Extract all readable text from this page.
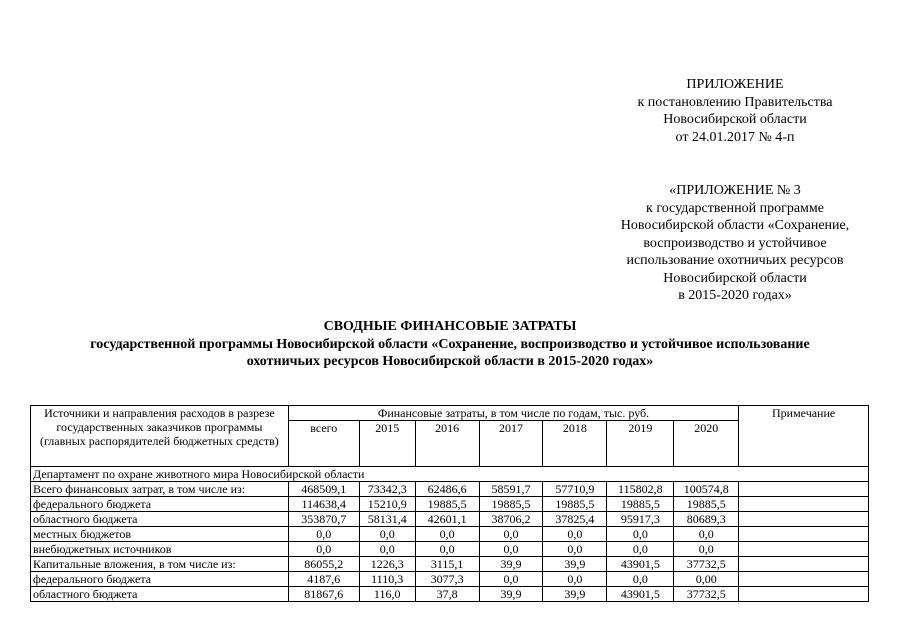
ПРИЛОЖЕНИЕ
к постановлению Правительства
Новосибирской области
от 24.01.2017 № 4-п
«ПРИЛОЖЕНИЕ № 3
к государственной программе
Новосибирской области «Сохранение,
воспроизводство и устойчивое
использование охотничьих ресурсов
Новосибирской области
в 2015-2020 годах»
СВОДНЫЕ ФИНАНСОВЫЕ ЗАТРАТЫ
государственной программы Новосибирской области «Сохранение, воспроизводство и устойчивое использование
охотничьих ресурсов Новосибирской области в 2015-2020 годах»
Источники и направления расходов в разрезе государственных заказчиков программы (главных распорядителей бюджетных средств)	Финансовые затраты, в том числе по годам, тыс. руб.							Примечание
	всего	2015	2016	2017	2018	2019	2020	
Департамент по охране животного мира Новосибирской области								
Всего финансовых затрат, в том числе из:	468509,1	73342,3	62486,6	58591,7	57710,9	115802,8	100574,8	
федерального бюджета	114638,4	15210,9	19885,5	19885,5	19885,5	19885,5	19885,5	
областного бюджета	353870,7	58131,4	42601,1	38706,2	37825,4	95917,3	80689,3	
местных бюджетов	0,0	0,0	0,0	0,0	0,0	0,0	0,0	
внебюджетных источников	0,0	0,0	0,0	0,0	0,0	0,0	0,0	
Капитальные вложения, в том числе из:	86055,2	1226,3	3115,1	39,9	39,9	43901,5	37732,5	
федерального бюджета	4187,6	1110,3	3077,3	0,0	0,0	0,0	0,00	
областного бюджета	81867,6	116,0	37,8	39,9	39,9	43901,5	37732,5	
